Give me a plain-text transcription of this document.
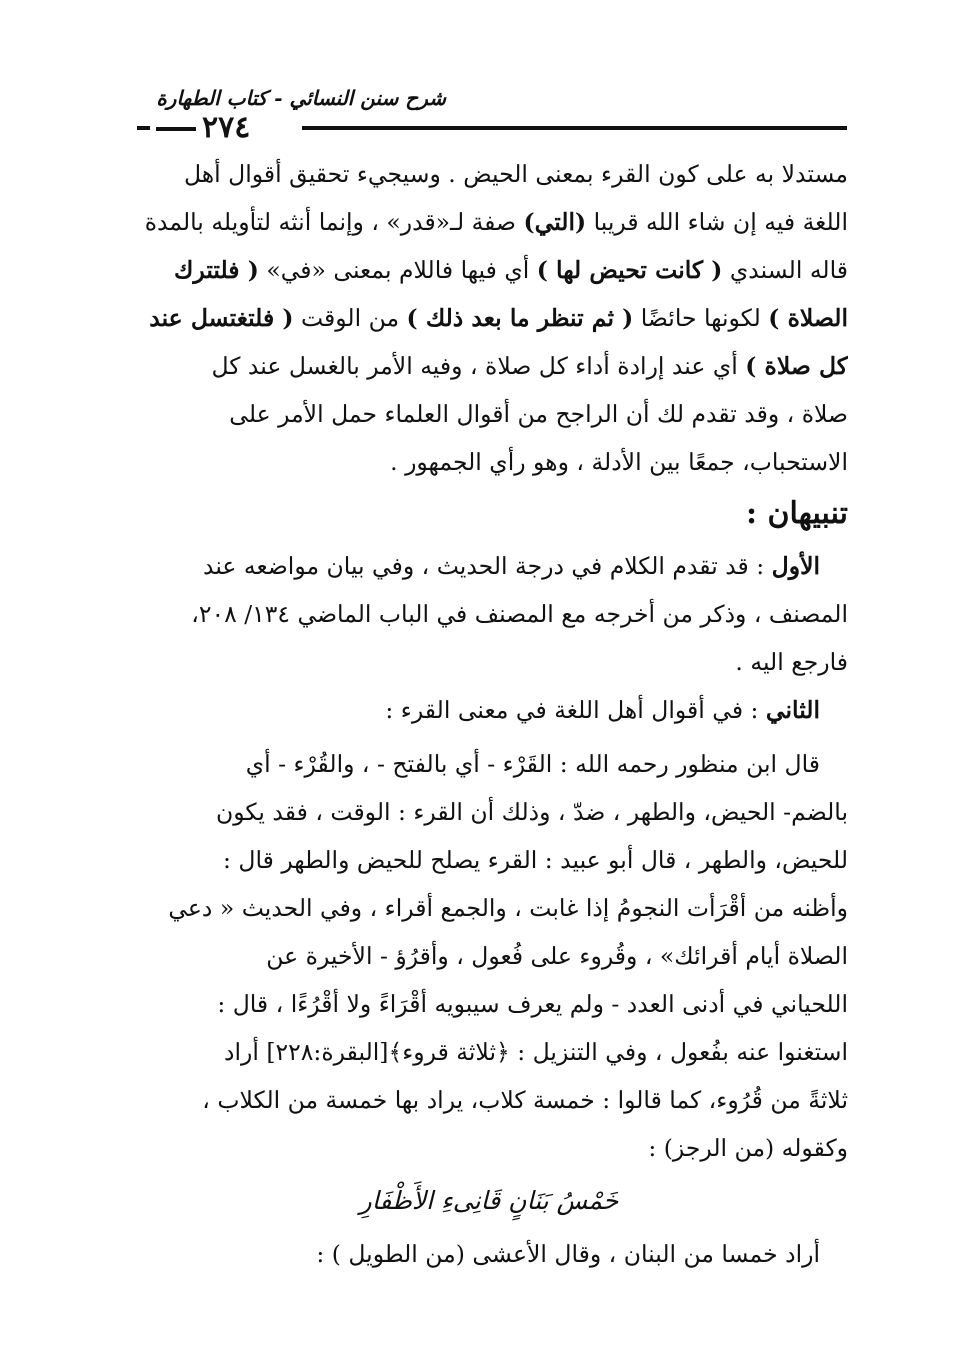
شرح سنن النسائي - كتاب الطهارة
٢٧٤
مستدلا به على كون القرء بمعنى الحيض . وسيجيء تحقيق أقوال أهل
اللغة فيه إن شاء الله قريبا (التي) صفة لـ«قدر» ، وإنما أنثه لتأويله بالمدة
قاله السندي ( كانت تحيض لها ) أي فيها فاللام بمعنى «في» ( فلتترك
الصلاة ) لكونها حائضًا ( ثم تنظر ما بعد ذلك ) من الوقت ( فلتغتسل عند
كل صلاة ) أي عند إرادة أداء كل صلاة ، وفيه الأمر بالغسل عند كل
صلاة ، وقد تقدم لك أن الراجح من أقوال العلماء حمل الأمر على
الاستحباب، جمعًا بين الأدلة ، وهو رأي الجمهور .
تنبيهان :
الأول : قد تقدم الكلام في درجة الحديث ، وفي بيان مواضعه عند
المصنف ، وذكر من أخرجه مع المصنف في الباب الماضي ١٣٤/ ٢٠٨،
فارجع اليه .
الثاني : في أقوال أهل اللغة في معنى القرء :
قال ابن منظور رحمه الله : القَرْء - أي بالفتح - ، والقُرْء - أي
بالضم- الحيض، والطهر ، ضدّ ، وذلك أن القرء : الوقت ، فقد يكون
للحيض، والطهر ، قال أبو عبيد : القرء يصلح للحيض والطهر قال :
وأظنه من أقْرَأت النجومُ إذا غابت ، والجمع أقراء ، وفي الحديث « دعي
الصلاة أيام أقرائك» ، وقُروء على فُعول ، وأقرُؤ - الأخيرة عن
اللحياني في أدنى العدد - ولم يعرف سيبويه أقْرَاءً ولا أقْرُءًا ، قال :
استغنوا عنه بفُعول ، وفي التنزيل : ﴿ثلاثة قروء﴾[البقرة:٢٢٨] أراد
ثلاثةً من قُرُوء، كما قالوا : خمسة كلاب، يراد بها خمسة من الكلاب ،
وكقوله (من الرجز) :
خَمْسُ بَنَانٍ قَانِىءِ الأَظْفَارِ
أراد خمسا من البنان ، وقال الأعشى (من الطويل ) :
